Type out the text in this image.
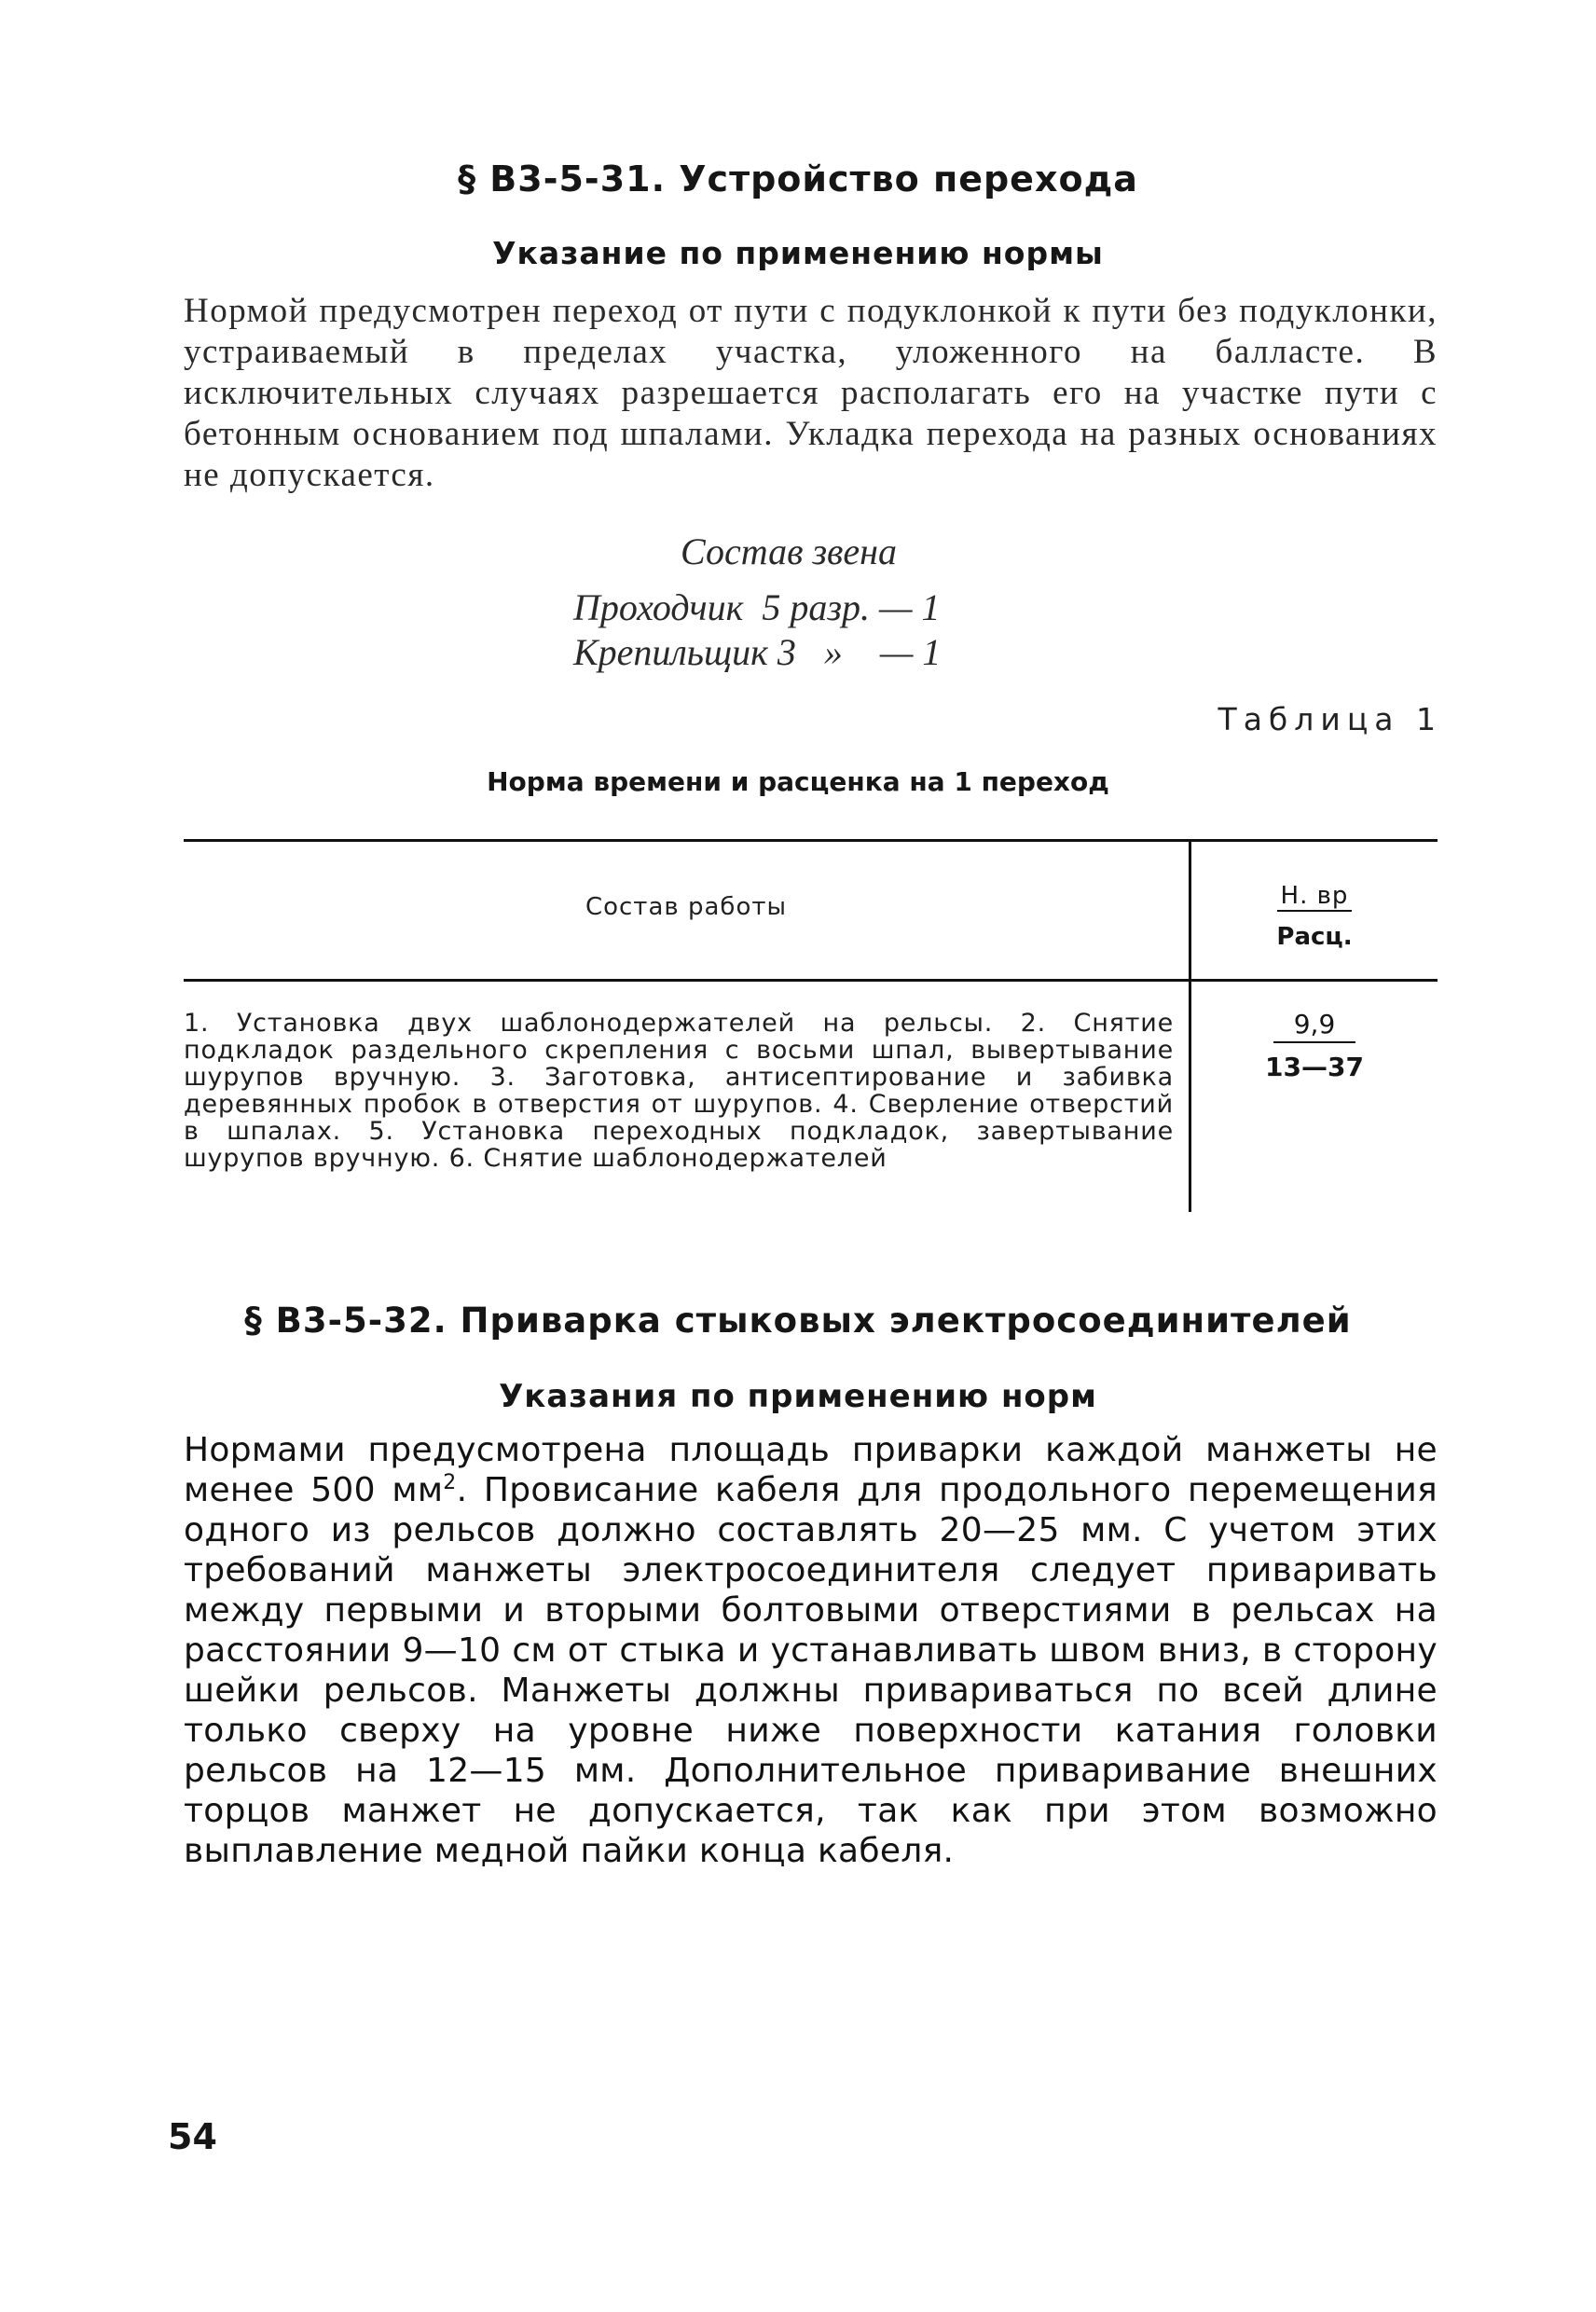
§ В3-5-31. Устройство перехода
Указание по применению нормы

Нормой предусмотрен переход от пути с подуклонкой к пути без подуклонки, устраиваемый в пределах участка, уложенного на балласте. В исключительных случаях разрешается располагать его на участке пути с бетонным основанием под шпалами. Укладка перехода на разных основаниях не допускается.

Состав звена
Проходчик  5 разр. — 1
Крепильщик 3   »    — 1
Таблица 1
Норма времени и расценка на 1 переход
Состав работы	Н. вр
Расц.

1. Установка двух шаблонодержателей на рельсы. 2. Снятие подкладок раздельного скрепления с восьми шпал, вывертывание шурупов вручную. 3. Заготовка, антисептирование и забивка деревянных пробок в отверстия от шурупов. 4. Сверление отверстий в шпалах. 5. Установка переходных подкладок, завертывание шурупов вручную. 6. Снятие шаблонодержателей

9,9
13—37
§ В3-5-32. Приварка стыковых электросоединителей
Указания по применению норм

Нормами предусмотрена площадь приварки каждой манжеты не менее 500 $мм^2$. Провисание кабеля для продольного перемещения одного из рельсов должно составлять 20—25 мм. С учетом этих требований манжеты электросоединителя следует приваривать между первыми и вторыми болтовыми отверстиями в рельсах на расстоянии 9—10 см от стыка и устанавливать швом вниз, в сторону шейки рельсов. Манжеты должны привариваться по всей длине только сверху на уровне ниже поверхности катания головки рельсов на 12—15 мм. Дополнительное приваривание внешних торцов манжет не допускается, так как при этом возможно выплавление медной пайки конца кабеля.

54
